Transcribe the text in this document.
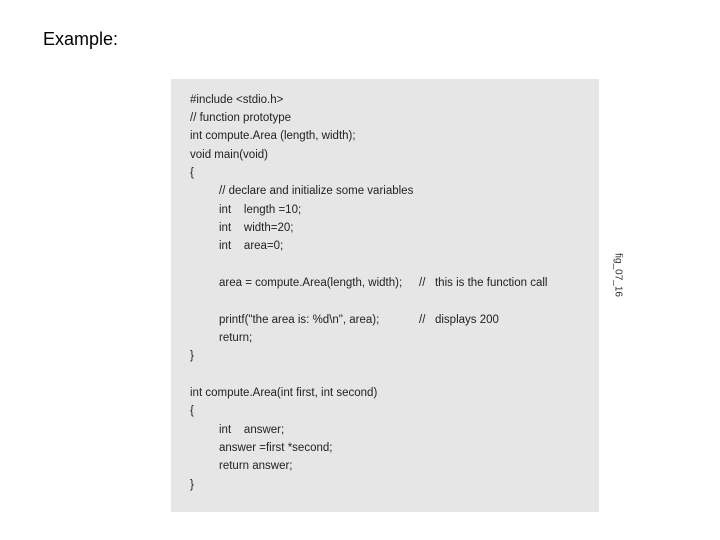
Example:
#include <stdio.h>
// function prototype
int compute.Area (length, width);
void main(void)
{
// declare and initialize some variables
int    length =10;
int    width=20;
int    area=0;
area = compute.Area(length, width); //   this is the function call
printf("the area is: %d\n", area);	//   displays 200
return;
}
int compute.Area(int first, int second)
{
int    answer;
answer =first *second;
return answer;
}
fig_07_16
